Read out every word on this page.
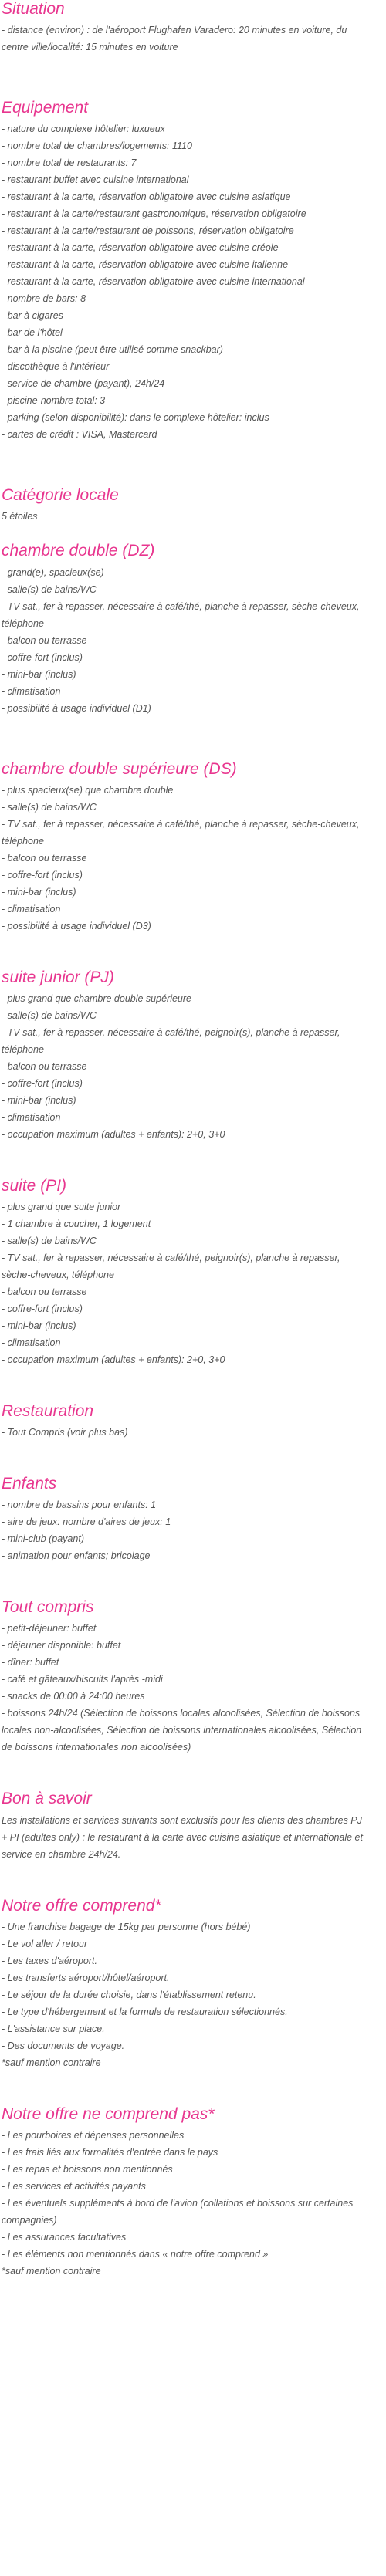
Situation
- distance (environ) : de l'aéroport Flughafen Varadero: 20 minutes en voiture, du centre ville/localité: 15 minutes en voiture
Equipement
- nature du complexe hôtelier: luxueux
- nombre total de chambres/logements: 1110
- nombre total de restaurants: 7
- restaurant buffet avec cuisine international
- restaurant à la carte, réservation obligatoire avec cuisine asiatique
- restaurant à la carte/restaurant gastronomique, réservation obligatoire
- restaurant à la carte/restaurant de poissons, réservation obligatoire
- restaurant à la carte, réservation obligatoire avec cuisine créole
- restaurant à la carte, réservation obligatoire avec cuisine italienne
- restaurant à la carte, réservation obligatoire avec cuisine international
- nombre de bars: 8
- bar à cigares
- bar de l'hôtel
- bar à la piscine (peut être utilisé comme snackbar)
- discothèque à l'intérieur
- service de chambre (payant), 24h/24
- piscine-nombre total: 3
- parking (selon disponibilité): dans le complexe hôtelier: inclus
- cartes de crédit : VISA, Mastercard
Catégorie locale
5 étoiles
chambre double (DZ)
- grand(e), spacieux(se)
- salle(s) de bains/WC
- TV sat., fer à repasser, nécessaire à café/thé, planche à repasser, sèche-cheveux, téléphone
- balcon ou terrasse
- coffre-fort (inclus)
- mini-bar (inclus)
- climatisation
- possibilité à usage individuel (D1)
chambre double supérieure (DS)
- plus spacieux(se) que chambre double
- salle(s) de bains/WC
- TV sat., fer à repasser, nécessaire à café/thé, planche à repasser, sèche-cheveux, téléphone
- balcon ou terrasse
- coffre-fort (inclus)
- mini-bar (inclus)
- climatisation
- possibilité à usage individuel (D3)
suite junior (PJ)
- plus grand que chambre double supérieure
- salle(s) de bains/WC
- TV sat., fer à repasser, nécessaire à café/thé, peignoir(s), planche à repasser, téléphone
- balcon ou terrasse
- coffre-fort (inclus)
- mini-bar (inclus)
- climatisation
- occupation maximum (adultes + enfants): 2+0, 3+0
suite (PI)
- plus grand que suite junior
- 1 chambre à coucher, 1 logement
- salle(s) de bains/WC
- TV sat., fer à repasser, nécessaire à café/thé, peignoir(s), planche à repasser, sèche-cheveux, téléphone
- balcon ou terrasse
- coffre-fort (inclus)
- mini-bar (inclus)
- climatisation
- occupation maximum (adultes + enfants): 2+0, 3+0
Restauration
- Tout Compris (voir plus bas)
Enfants
- nombre de bassins pour enfants: 1
- aire de jeux: nombre d'aires de jeux: 1
- mini-club (payant)
- animation pour enfants; bricolage
Tout compris
- petit-déjeuner: buffet
- déjeuner disponible: buffet
- dîner: buffet
- café et gâteaux/biscuits l'après -midi
- snacks de 00:00 à 24:00 heures
- boissons 24h/24 (Sélection de boissons locales alcoolisées, Sélection de boissons locales non-alcoolisées, Sélection de boissons internationales alcoolisées, Sélection de boissons internationales non alcoolisées)
Bon à savoir
Les installations et services suivants sont exclusifs pour les clients des chambres PJ + PI (adultes only) : le restaurant à la carte avec cuisine asiatique et internationale et service en chambre 24h/24.
Notre offre comprend*
- Une franchise bagage de 15kg par personne (hors bébé)
- Le vol aller / retour
- Les taxes d'aéroport.
- Les transferts aéroport/hôtel/aéroport.
- Le séjour de la durée choisie, dans l'établissement retenu.
- Le type d'hébergement et la formule de restauration sélectionnés.
- L'assistance sur place.
- Des documents de voyage.
*sauf mention contraire
Notre offre ne comprend pas*
- Les pourboires et dépenses personnelles
- Les frais liés aux formalités d'entrée dans le pays
- Les repas et boissons non mentionnés
- Les services et activités payants
- Les éventuels suppléments à bord de l'avion (collations et boissons sur certaines compagnies)
- Les assurances facultatives
- Les éléments non mentionnés dans « notre offre comprend »
*sauf mention contraire
